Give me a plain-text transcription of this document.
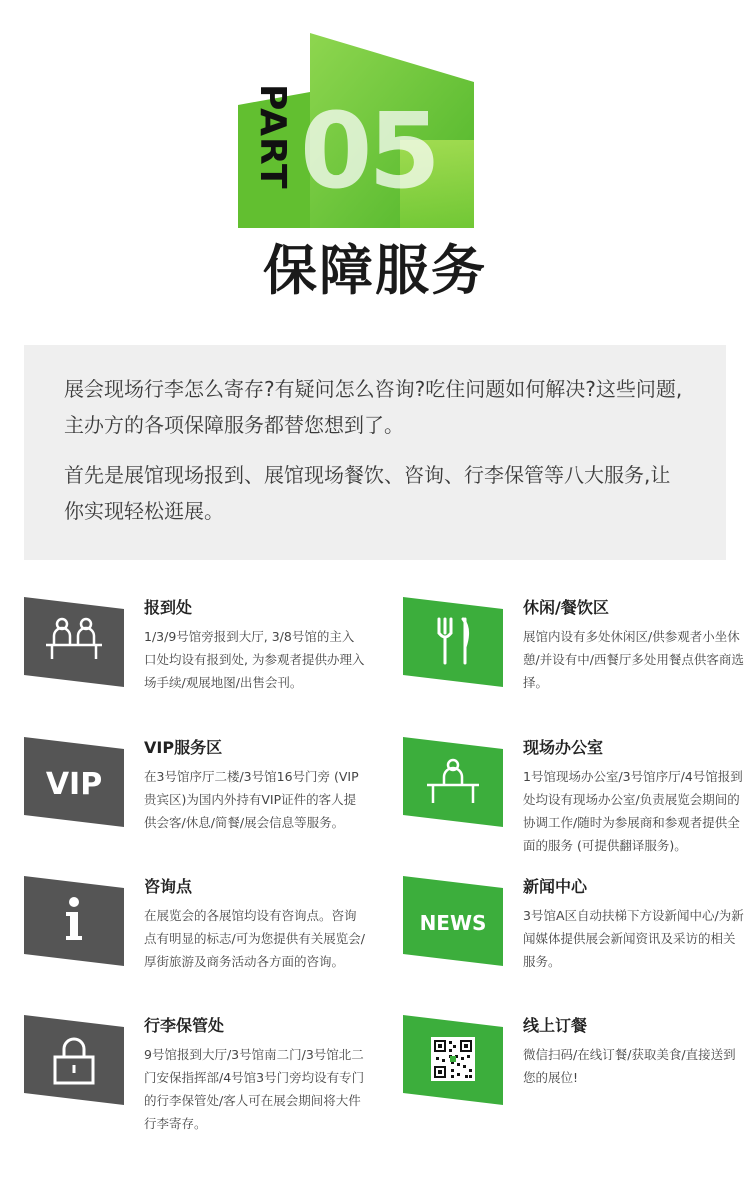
PART 05
保障服务

展会现场行李怎么寄存?有疑问怎么咨询?吃住问题如何解决?这些问题,主办方的各项保障服务都替您想到了。

首先是展馆现场报到、展馆现场餐饮、咨询、行李保管等八大服务,让你实现轻松逛展。

报到处
1/3/9号馆旁报到大厅, 3/8号馆的主入口处均设有报到处, 为参观者提供办理入场手续/观展地图/出售会刊。
休闲/餐饮区
展馆内设有多处休闲区/供参观者小坐休憩/并设有中/西餐厅多处用餐点供客商选择。
VIP
VIP服务区
在3号馆序厅二楼/3号馆16号门旁 (VIP贵宾区)为国内外持有VIP证件的客人提供会客/休息/简餐/展会信息等服务。
现场办公室
1号馆现场办公室/3号馆序厅/4号馆报到处均设有现场办公室/负责展览会期间的协调工作/随时为参展商和参观者提供全面的服务 (可提供翻译服务)。
咨询点
在展览会的各展馆均设有咨询点。咨询点有明显的标志/可为您提供有关展览会/厚街旅游及商务活动各方面的咨询。
NEWS
新闻中心
3号馆A区自动扶梯下方设新闻中心/为新闻媒体提供展会新闻资讯及采访的相关服务。
行李保管处
9号馆报到大厅/3号馆南二门/3号馆北二门安保指挥部/4号馆3号门旁均设有专门的行李保管处/客人可在展会期间将大件行李寄存。
线上订餐
微信扫码/在线订餐/获取美食/直接送到您的展位!
